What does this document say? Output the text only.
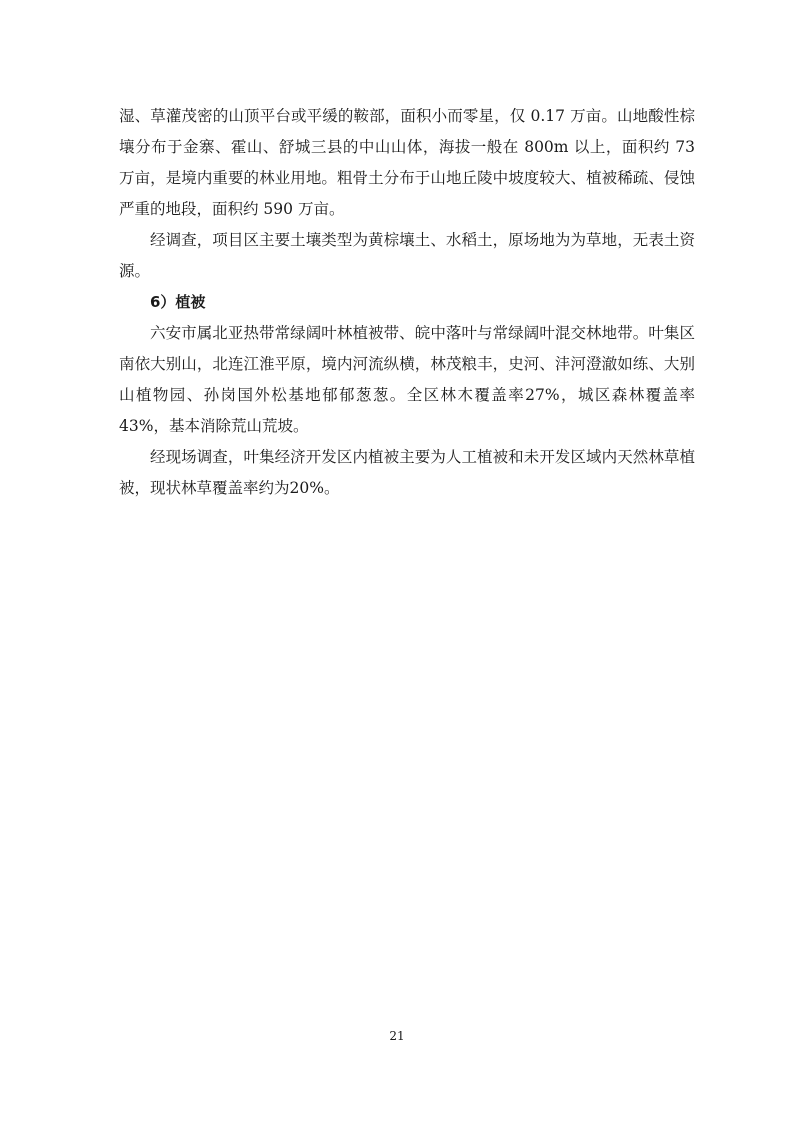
湿、草灌茂密的山顶平台或平缓的鞍部，面积小而零星，仅 0.17 万亩。山地酸性棕壤分布于金寨、霍山、舒城三县的中山山体，海拔一般在 800m 以上，面积约 73 万亩，是境内重要的林业用地。粗骨土分布于山地丘陵中坡度较大、植被稀疏、侵蚀严重的地段，面积约 590 万亩。

经调查，项目区主要土壤类型为黄棕壤土、水稻土，原场地为为草地，无表土资源。

6）植被

六安市属北亚热带常绿阔叶林植被带、皖中落叶与常绿阔叶混交林地带。叶集区南依大别山，北连江淮平原，境内河流纵横，林茂粮丰，史河、沣河澄澈如练、大别山植物园、孙岗国外松基地郁郁葱葱。全区林木覆盖率27%，城区森林覆盖率43%，基本消除荒山荒坡。

经现场调查，叶集经济开发区内植被主要为人工植被和未开发区域内天然林草植被，现状林草覆盖率约为20%。

21
